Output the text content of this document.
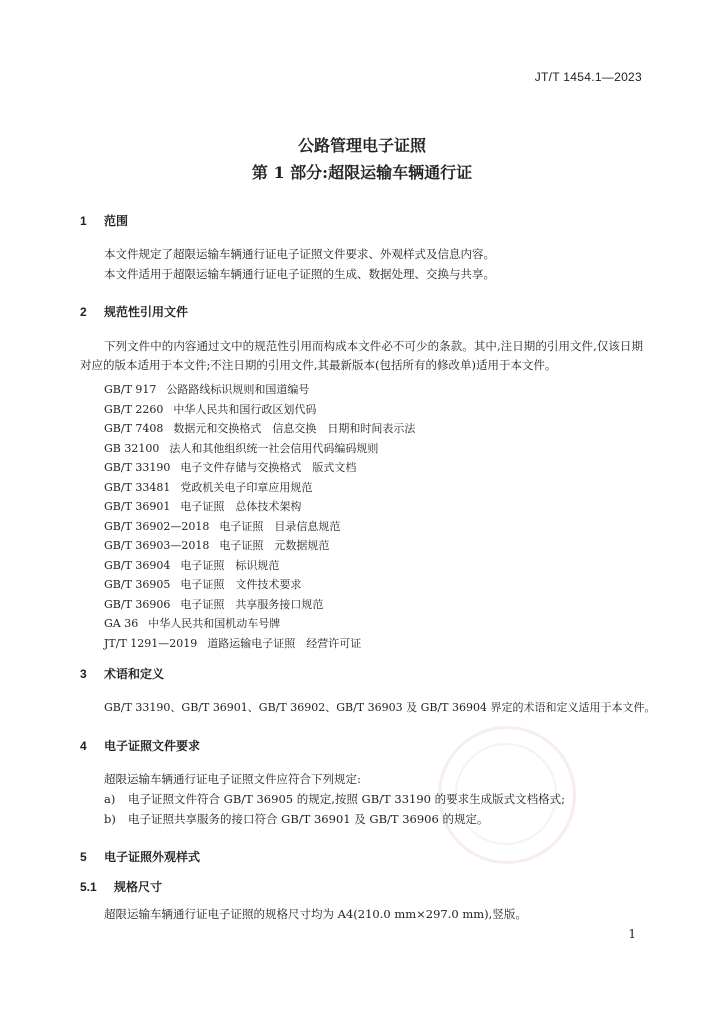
JT/T 1454.1—2023
公路管理电子证照
第 1 部分:超限运输车辆通行证
1 范围
本文件规定了超限运输车辆通行证电子证照文件要求、外观样式及信息内容。
本文件适用于超限运输车辆通行证电子证照的生成、数据处理、交换与共享。
2 规范性引用文件
下列文件中的内容通过文中的规范性引用而构成本文件必不可少的条款。其中,注日期的引用文件,仅该日期对应的版本适用于本文件;不注日期的引用文件,其最新版本(包括所有的修改单)适用于本文件。
GB/T 917 公路路线标识规则和国道编号
GB/T 2260 中华人民共和国行政区划代码
GB/T 7408 数据元和交换格式　信息交换　日期和时间表示法
GB 32100 法人和其他组织统一社会信用代码编码规则
GB/T 33190 电子文件存储与交换格式　版式文档
GB/T 33481 党政机关电子印章应用规范
GB/T 36901 电子证照　总体技术架构
GB/T 36902—2018 电子证照　目录信息规范
GB/T 36903—2018 电子证照　元数据规范
GB/T 36904 电子证照　标识规范
GB/T 36905 电子证照　文件技术要求
GB/T 36906 电子证照　共享服务接口规范
GA 36 中华人民共和国机动车号牌
JT/T 1291—2019 道路运输电子证照　经营许可证
3 术语和定义
GB/T 33190、GB/T 36901、GB/T 36902、GB/T 36903 及 GB/T 36904 界定的术语和定义适用于本文件。
4 电子证照文件要求
超限运输车辆通行证电子证照文件应符合下列规定:
a) 电子证照文件符合 GB/T 36905 的规定,按照 GB/T 33190 的要求生成版式文档格式;
b) 电子证照共享服务的接口符合 GB/T 36901 及 GB/T 36906 的规定。
5 电子证照外观样式
5.1 规格尺寸
超限运输车辆通行证电子证照的规格尺寸均为 A4(210.0 mm×297.0 mm),竖版。
1
